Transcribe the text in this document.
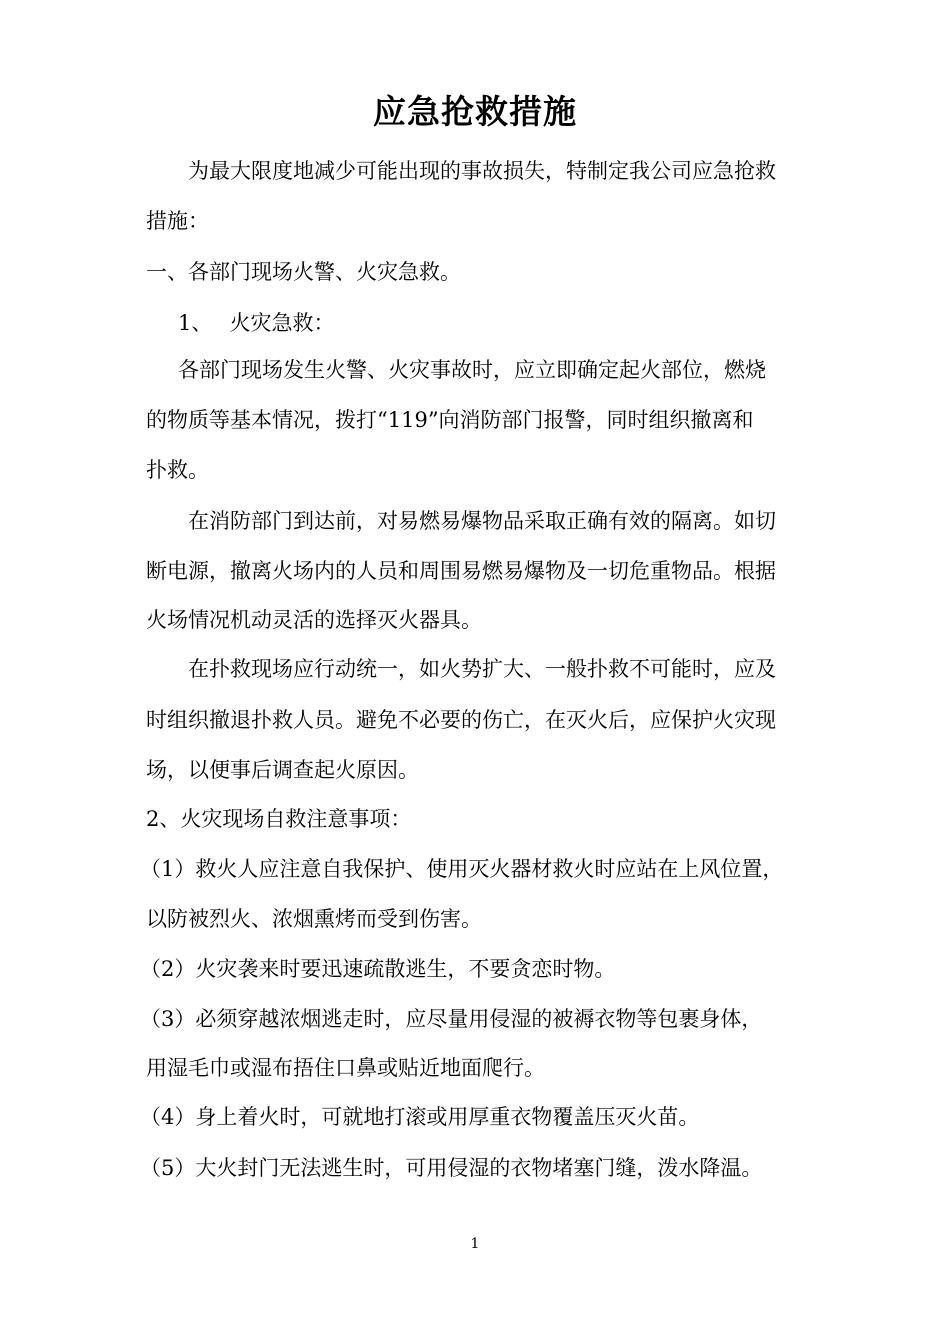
应急抢救措施
为最大限度地减少可能出现的事故损失，特制定我公司应急抢救
措施：
一、各部门现场火警、火灾急救。
1、　 火灾急救：
各部门现场发生火警、火灾事故时，应立即确定起火部位，燃烧
的物质等基本情况，拨打“119”向消防部门报警，同时组织撤离和
扑救。
在消防部门到达前，对易燃易爆物品采取正确有效的隔离。如切
断电源，撤离火场内的人员和周围易燃易爆物及一切危重物品。根据
火场情况机动灵活的选择灭火器具。
在扑救现场应行动统一，如火势扩大、一般扑救不可能时，应及
时组织撤退扑救人员。避免不必要的伤亡，在灭火后，应保护火灾现
场，以便事后调查起火原因。
2、火灾现场自救注意事项：
（1）救火人应注意自我保护、使用灭火器材救火时应站在上风位置，
以防被烈火、浓烟熏烤而受到伤害。
（2）火灾袭来时要迅速疏散逃生，不要贪恋时物。
（3）必须穿越浓烟逃走时，应尽量用侵湿的被褥衣物等包裹身体，
用湿毛巾或湿布捂住口鼻或贴近地面爬行。
（4）身上着火时，可就地打滚或用厚重衣物覆盖压灭火苗。
（5）大火封门无法逃生时，可用侵湿的衣物堵塞门缝，泼水降温。
1
